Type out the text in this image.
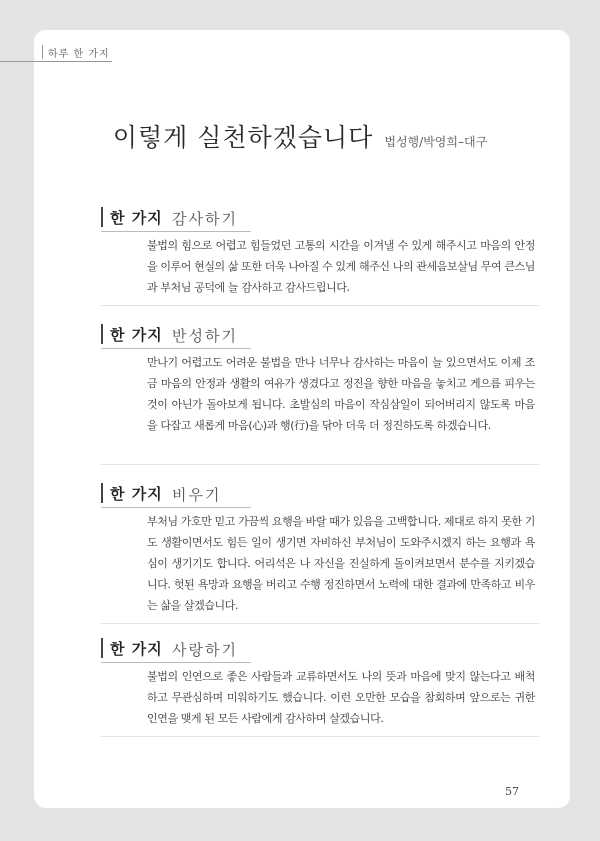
하루 한 가지
이렇게 실천하겠습니다 법성행/박영희–대구
한 가지 감사하기

불법의 힘으로 어렵고 힘들었던 고통의 시간을 이겨낼 수 있게 해주시고 마음의 안정을 이루어 현실의 삶 또한 더욱 나아질 수 있게 해주신 나의 관세음보살님 무여 큰스님과 부처님 공덕에 늘 감사하고 감사드립니다.

한 가지 반성하기

만나기 어렵고도 어려운 불법을 만나 너무나 감사하는 마음이 늘 있으면서도 이제 조금 마음의 안정과 생활의 여유가 생겼다고 정진을 향한 마음을 놓치고 게으름 피우는 것이 아닌가 돌아보게 됩니다. 초발심의 마음이 작심삼일이 되어버리지 않도록 마음을 다잡고 새롭게 마음(心)과 행(行)을 닦아 더욱 더 정진하도록 하겠습니다.

한 가지 비우기

부처님 가호만 믿고 가끔씩 요행을 바랄 때가 있음을 고백합니다. 제대로 하지 못한 기도 생활이면서도 힘든 일이 생기면 자비하신 부처님이 도와주시겠지 하는 요행과 욕심이 생기기도 합니다. 어리석은 나 자신을 진실하게 돌이켜보면서 분수를 지키겠습니다. 헛된 욕망과 요행을 버리고 수행 정진하면서 노력에 대한 결과에 만족하고 비우는 삶을 살겠습니다.

한 가지 사랑하기

불법의 인연으로 좋은 사람들과 교류하면서도 나의 뜻과 마음에 맞지 않는다고 배척하고 무관심하며 미워하기도 했습니다. 이런 오만한 모습을 참회하며 앞으로는 귀한 인연을 맺게 된 모든 사람에게 감사하며 살겠습니다.

57
